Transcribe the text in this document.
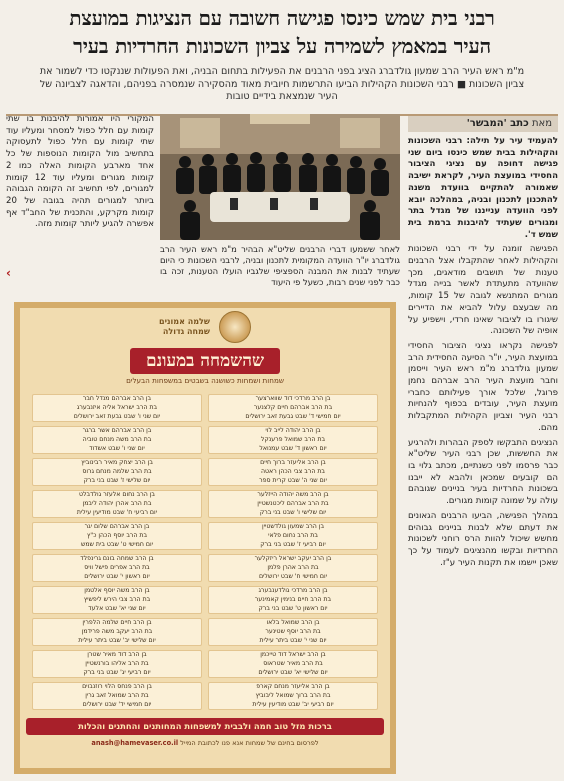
רבני בית שמש כינסו פגישה חשובה עם הנציגות במועצת
העיר במאמץ לשמירה על צביון השכונות החרדיות בעיר
מ"מ ראש העיר הרב שמעון גולדברג הציג בפני הרבנים את הפעילות בתחום הבניה, ואת הפעולות שננקטו כדי לשמור את
צביון השכונות ■ רבני השכונות הקהילות הביעו התרשמות חיובית מאוד מהסקירה שנמסרה בפניהם, והדאגה לצביונה של
העיר שנמצאת בידיים טובות
מאת כתב 'המבשר'

להעמיד עיר על תילה: רבני השכונות והקהילות בבית שמש כינסו ביום שני פגישה דחופה עם נציגי הציבור החסידי במועצת העיר, לקראת ישיבה שאמורה להתקיים בוועדת משנה להתכנון לתכנון ובניה, במהלכה יובא לפני הוועדה ענייננו של מגדל בתר ומגורים שעתיד להיבנות ברמת בית שמש ד'.

הפגישה זומנה על ידי רבני השכונות והקהילות לאחר שהתקבלו אצל הרבנים טענות של תושבים מודאגים, מכך שהוועדה מתעתדת לאשר בנייה מגדל מגורים המתנשא לגובה של 15 קומות, מה שבעצם עלול להביא את הדיירים שיגורו בו לציבור שאינו חרדי, וישפיע על אופיה של השכונה.

לפגישה נקראו נציגי הציבור החסידי במועצת העיר, יו"ר הסיעה החסידית הרב שמעון גולדברג מ"מ ראש העיר וייסמן וחבר מועצת העיר הרב אברהם נחמן פרוגל, שלכל אורך פעילותם כחברי מועצת העיר, עובדים בכפוף להנחיות רבני העיר וצביון הקהילות המתקבלות מהם.

הנציגים התבקשו לספק הבהרות ולהרגיע את החששות, שכן רבני העיר שליט"א כבר פרסמו לפני כשנתיים, מכתב גלוי בו הם קובעים שמכאן ולהבא לא ייבנו בשכונות החרדיות בעיר בניינים שגובהם עולה על שמונה קומות מגורים.

במהלך הפגישה, הביעו הרבנים הגאונים את דעתם שלא לבנות בניינים גבוהים מחשש שיכול להוות הרס רוחני לשכונות החרדיות ובקשו מהנציגים לעמוד על כך שאכן יישמו את תקנות העיר ע"ז.

לאחר ששמעו דברי הרבנים שליט"א הבהיר מ"מ ראש העיר הרב גולדברג יו"ר הוועדה המקומית לתכנון ובניה, לרבני השכונות כי היום שעתיד לבנות את המבנה הספציפי שלגביו הועלו הטענות, זכה בו כבר לפני שנים רבות, כשעל פי היעוד
המקורי היו אמורות להיבנות בו שתי קומות עם חלל כפול למסחר ומעליו עוד שתי קומות עם חלל כפול לתעסוקה בתחשיב מול הקומות הנוספות של כל אחד מארבע הקומות האלה כמו 2 קומות מגורים ומעליו עוד 12 קומות למגורים, לפי תחשיב זה הקומה הגבוהה ביותר למגורים תהיה בגובה של 20 קומות מקרקע, והתכנית של החב"ד אף אפשרה להגיע ליותר קומות מזה.
›
שלמה אמונים
שמחה גדולה
שהשמחה במעונם
שמחות ושמחות כשושנה בשבטים במשפחות הבעלים
בן הרב מרדכי דוד שווארצער
בת הרב אברהם חיים קלצנער
יום חמישי ד' שבט גבעת זאב ירושלים
בן הרב יהודה לייב לוי
בת הרב שמואל פרענקל
יום ראשון ד' שבט עמנואל
בן הרב אליעזר ברוך חיים
בת הרב צבי הכהן ראטה
יום שני ה' שבט קרית ספר
בן הרב משה יהודה הייזלער
בת הרב אברהם ליכטנשטיין
יום שלישי ו' שבט בני ברק
בן הרב שמעון גולדשטיין
בת הרב נחום פלאי
יום רביעי ז' שבט בני ברק
בן הרב יעקב ישראל ריזקלער
בת הרב אהרן פלמן
יום חמישי ח' שבט ירושלים
בן הרב מרדכי גולדענבערג
בת הרב חיים בנימין קאמינער
יום ראשון ט' שבט בני ברק
בן הרב שמואל בלאו
בת הרב יוסף שטינער
יום שני י' שבט ביתר עילית
בן הרב ישראל דוד טייכמן
בת הרב מאיר שטראוס
יום שלישי יא' שבט ירושלים
בן הרב אליעזר מנחם קארפ
בת הרב ברוך שמואל ליבוביץ
יום רביעי יב' שבט מודיעין עילית
בן הרב אברהם מנדל חבר
בת הרב ישראל אליה איזנבערג
יום שני ו' שבט גבעת זאב ירושלים
בן הרב אברהם אשר ברגר
בת הרב משה מנחם טוביה
יום שני ו' שבט אשדוד
בן הרב יצחק מאיר רבינוביץ
בת הרב שלמה מנחם גרוס
יום שלישי ז' שבט בני ברק
בן הרב נחום אלעזר גולדבלט
בת הרב אהרן יהודה ליבמן
יום רביעי ח' שבט מודיעין עילית
בן הרב אברהם שלום יגר
בת הרב יוסף הכהן כ"ץ
יום חמישי ט' שבט בית שמש
בן הרב שמחה בונם גרינפלד
בת הרב אפרים פישל וויס
יום ראשון י' שבט ירושלים
בן הרב משה יוסף אלטמן
בת הרב צבי הירש ליפשיץ
יום שני יא' שבט אלעד
בן הרב חיים שלמה הלפרין
בת הרב יעקב משה פרידמן
יום שלישי יב' שבט ביתר עילית
בן הרב דוד מאיר שטרן
בת הרב אליהו בורנשטיין
יום רביעי יג' שבט בני ברק
בן הרב פנחס הלוי רוזנבוים
בת הרב שמואל זאב גרין
יום חמישי יד' שבט ירושלים
ברכות מזל טוב חמה ולבבית למשפחות המחותנים והחתנים והכלות
לפרסום בחינם של שמחות אנא פנו לכתובת המייל anash@hamevaser.co.il
